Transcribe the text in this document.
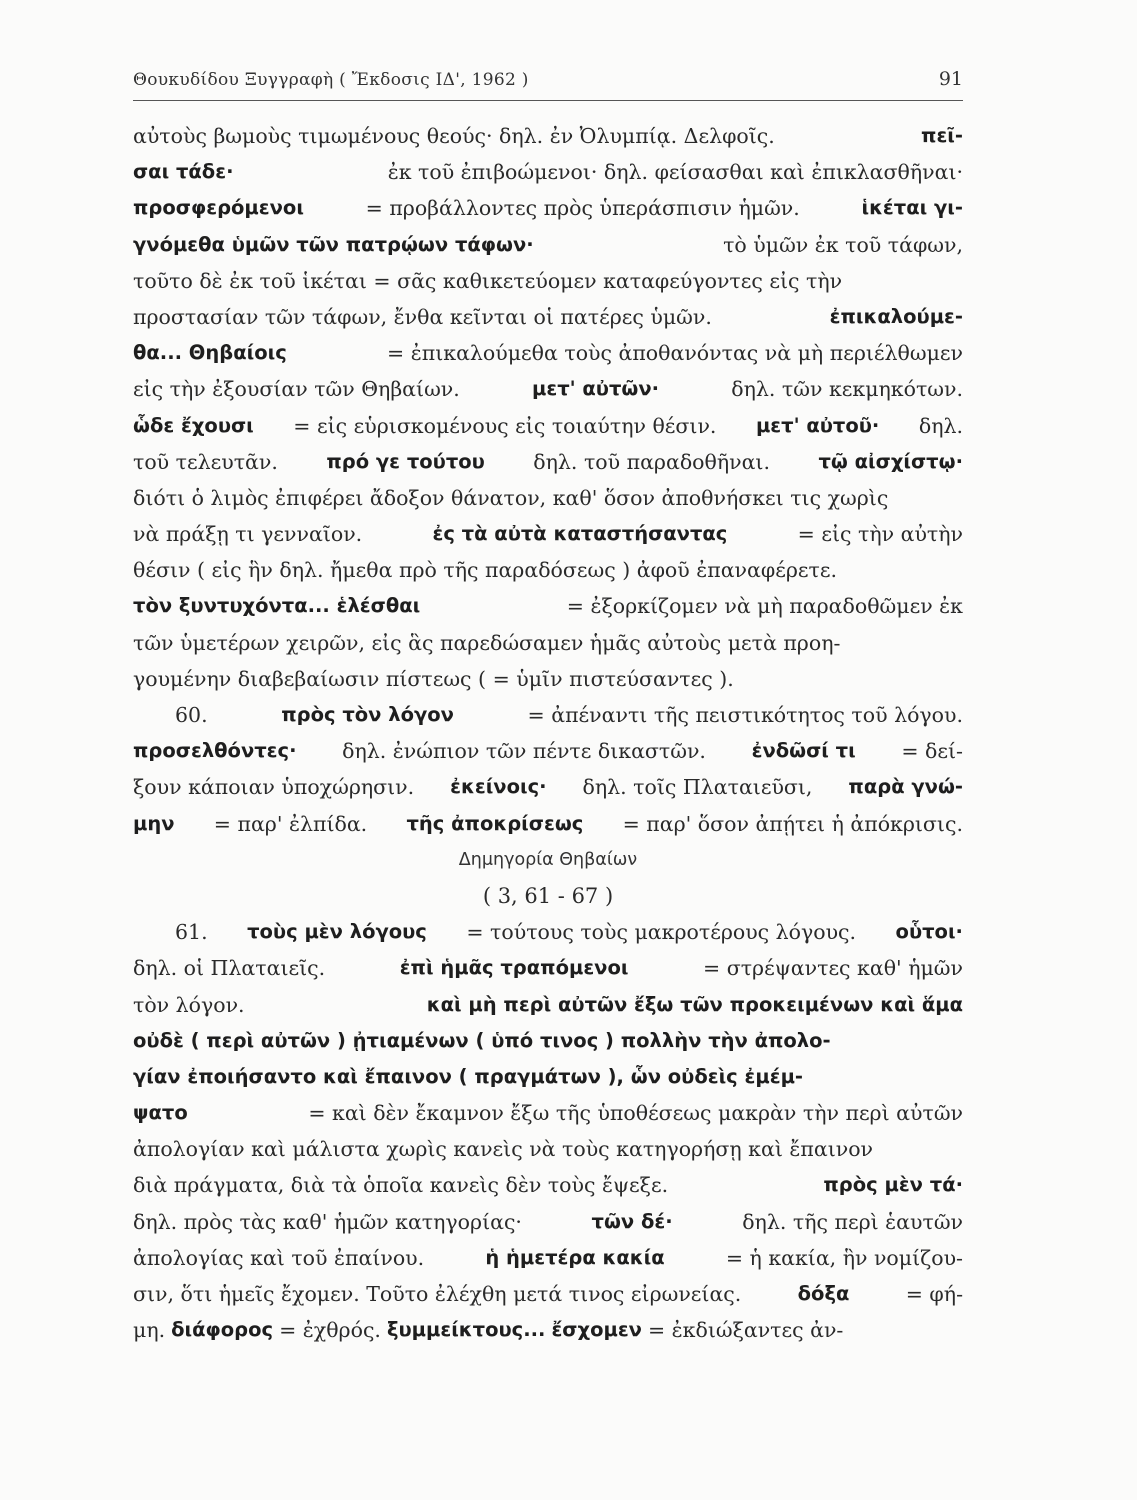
Θουκυδίδου Ξυγγραφὴ ( Ἔκδοσις ΙΔ', 1962 )	91
αὐτοὺς βωμοὺς τιμωμένους θεούς· δηλ. ἐν Ὀλυμπίᾳ. Δελφοῖς.	πεῖ-
σαι τάδε·	ἐκ τοῦ ἐπιβοώμενοι· δηλ. φείσασθαι καὶ ἐπικλασθῆναι·
προσφερόμενοι	= προβάλλοντες πρὸς ὑπεράσπισιν ἡμῶν.	ἱκέται γι-
γνόμεθα ὑμῶν τῶν πατρῴων τάφων·	τὸ ὑμῶν ἐκ τοῦ τάφων,
τοῦτο δὲ ἐκ τοῦ ἱκέται = σᾶς καθικετεύομεν καταφεύγοντες εἰς τὴν
προστασίαν τῶν τάφων, ἔνθα κεῖνται οἱ πατέρες ὑμῶν.	ἐπικαλούμε-
θα... Θηβαίοις	= ἐπικαλούμεθα τοὺς ἀποθανόντας νὰ μὴ περιέλθωμεν
εἰς τὴν ἐξουσίαν τῶν Θηβαίων.	μετ' αὐτῶν·	δηλ. τῶν κεκμηκότων.
ὧδε ἔχουσι = εἰς εὑρισκομένους εἰς τοιαύτην θέσιν. μετ' αὐτοῦ· δηλ.
τοῦ τελευτᾶν. πρό γε τούτου δηλ. τοῦ παραδοθῆναι. τῷ αἰσχίστῳ·
διότι ὁ λιμὸς ἐπιφέρει ἄδοξον θάνατον, καθ' ὅσον ἀποθνήσκει τις χωρὶς
νὰ πράξῃ τι γενναῖον.	ἐς τὰ αὐτὰ καταστήσαντας	= εἰς τὴν αὐτὴν
θέσιν ( εἰς ἣν δηλ. ἤμεθα πρὸ τῆς παραδόσεως ) ἀφοῦ ἐπαναφέρετε.
τὸν ξυντυχόντα... ἑλέσθαι	= ἐξορκίζομεν νὰ μὴ παραδοθῶμεν ἐκ
τῶν ὑμετέρων χειρῶν, εἰς ἃς παρεδώσαμεν ἡμᾶς αὐτοὺς μετὰ προη-
γουμένην διαβεβαίωσιν πίστεως ( = ὑμῖν πιστεύσαντες ).
60.	πρὸς τὸν λόγον	= ἀπέναντι τῆς πειστικότητος τοῦ λόγου.
προσελθόντες· δηλ. ἐνώπιον τῶν πέντε δικαστῶν. ἐνδῶσί τι = δεί-
ξουν κάποιαν ὑποχώρησιν. ἐκείνοις· δηλ. τοῖς Πλαταιεῦσι, παρὰ γνώ-
μην = παρ' ἐλπίδα. τῆς ἀποκρίσεως = παρ' ὅσον ἀπῄτει ἡ ἀπόκρισις.
Δημηγορία Θηβαίων
( 3, 61 - 67 )
61. τοὺς μὲν λόγους = τούτους τοὺς μακροτέρους λόγους. οὗτοι·
δηλ. οἱ Πλαταιεῖς.	ἐπὶ ἡμᾶς τραπόμενοι	= στρέψαντες καθ' ἡμῶν
τὸν λόγον.	καὶ μὴ περὶ αὐτῶν ἔξω τῶν προκειμένων καὶ ἅμα
οὐδὲ ( περὶ αὐτῶν ) ᾐτιαμένων ( ὑπό τινος ) πολλὴν τὴν ἀπολο-
γίαν ἐποιήσαντο καὶ ἔπαινον ( πραγμάτων ), ὧν οὐδεὶς ἐμέμ-
ψατο	= καὶ δὲν ἔκαμνον ἔξω τῆς ὑποθέσεως μακρὰν τὴν περὶ αὐτῶν
ἀπολογίαν καὶ μάλιστα χωρὶς κανεὶς νὰ τοὺς κατηγορήσῃ καὶ ἔπαινον
διὰ πράγματα, διὰ τὰ ὁποῖα κανεὶς δὲν τοὺς ἔψεξε.	πρὸς μὲν τά·
δηλ. πρὸς τὰς καθ' ἡμῶν κατηγορίας·	τῶν δέ·	δηλ. τῆς περὶ ἑαυτῶν
ἀπολογίας καὶ τοῦ ἐπαίνου.	ἡ ἡμετέρα κακία	= ἡ κακία, ἣν νομίζου-
σιν, ὅτι ἡμεῖς ἔχομεν. Τοῦτο ἐλέχθη μετά τινος εἰρωνείας.	δόξα	= φή-
μη. διάφορος = ἐχθρός. ξυμμείκτους... ἔσχομεν = ἐκδιώξαντες ἀν-
